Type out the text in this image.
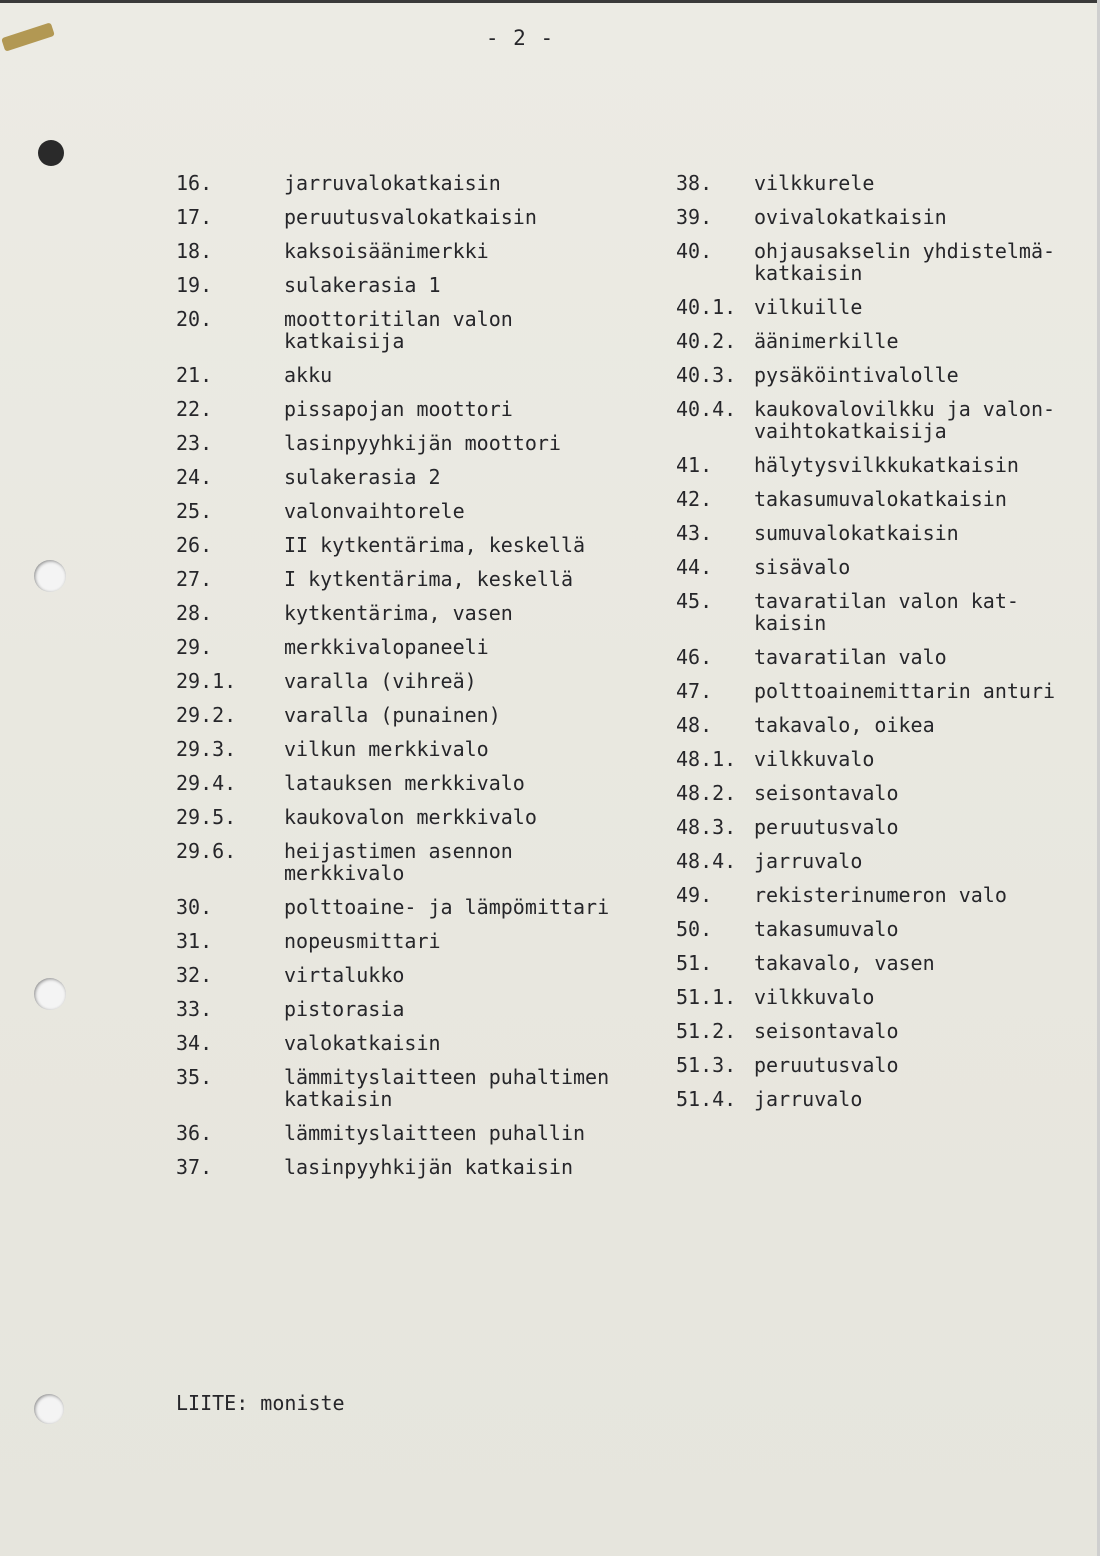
- 2 -
16.	jarruvalokatkaisin
17.	peruutusvalokatkaisin
18.	kaksoisäänimerkki
19.	sulakerasia 1
20.	moottoritilan valon
katkaisija
21.	akku
22.	pissapojan moottori
23.	lasinpyyhkijän moottori
24.	sulakerasia 2
25.	valonvaihtorele
26.	II kytkentärima, keskellä
27.	I kytkentärima, keskellä
28.	kytkentärima, vasen
29.	merkkivalopaneeli
29.1.	varalla (vihreä)
29.2.	varalla (punainen)
29.3.	vilkun merkkivalo
29.4.	latauksen merkkivalo
29.5.	kaukovalon merkkivalo
29.6.	heijastimen asennon
merkkivalo
30.	polttoaine- ja lämpömittari
31.	nopeusmittari
32.	virtalukko
33.	pistorasia
34.	valokatkaisin
35.	lämmityslaitteen puhaltimen
katkaisin
36.	lämmityslaitteen puhallin
37.	lasinpyyhkijän katkaisin
38.	vilkkurele
39.	ovivalokatkaisin
40.	ohjausakselin yhdistelmä-
katkaisin
40.1. vilkuille
40.2. äänimerkille
40.3. pysäköintivalolle
40.4. kaukovalovilkku ja valon-
vaihtokatkaisija
41.	hälytysvilkkukatkaisin
42.	takasumuvalokatkaisin
43.	sumuvalokatkaisin
44.	sisävalo
45.	tavaratilan valon kat-
kaisin
46.	tavaratilan valo
47.	polttoainemittarin anturi
48.	takavalo, oikea
48.1. vilkkuvalo
48.2. seisontavalo
48.3. peruutusvalo
48.4. jarruvalo
49.	rekisterinumeron valo
50.	takasumuvalo
51.	takavalo, vasen
51.1. vilkkuvalo
51.2. seisontavalo
51.3. peruutusvalo
51.4. jarruvalo
LIITE: moniste
